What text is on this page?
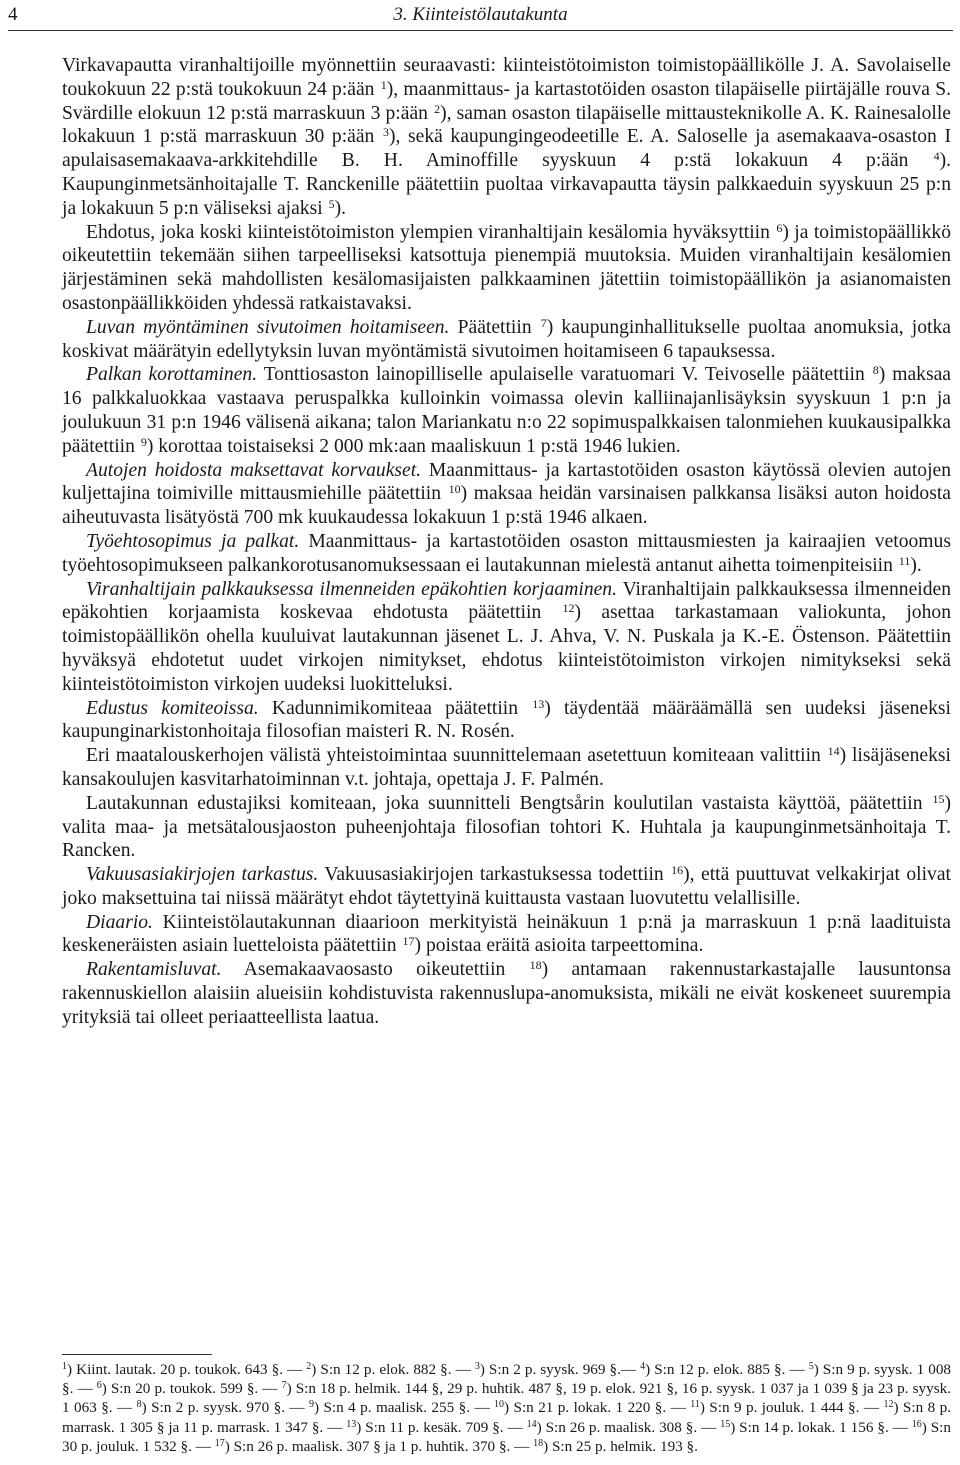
4	3. Kiinteistölautakunta

Virkavapautta viranhaltijoille myönnettiin seuraavasti: kiinteistötoimiston toimistopäällikölle J. A. Savolaiselle toukokuun 22 p:stä toukokuun 24 p:ään $^1$), maanmittaus- ja kartastotöiden osaston tilapäiselle piirtäjälle rouva S. Svärdille elokuun 12 p:stä marraskuun 3 p:ään $^2$), saman osaston tilapäiselle mittausteknikolle A. K. Rainesalolle lokakuun 1 p:stä marraskuun 30 p:ään $^3$), sekä kaupungingeodeetille E. A. Saloselle ja asemakaava-osaston I apulaisasemakaava-arkkitehdille B. H. Aminoffille syyskuun 4 p:stä lokakuun 4 p:ään $^4$). Kaupunginmetsänhoitajalle T. Ranckenille päätettiin puoltaa virkavapautta täysin palkkaeduin syyskuun 25 p:n ja lokakuun 5 p:n väliseksi ajaksi $^5$).

Ehdotus, joka koski kiinteistötoimiston ylempien viranhaltijain kesälomia hyväksyttiin $^6$) ja toimistopäällikkö oikeutettiin tekemään siihen tarpeelliseksi katsottuja pienempiä muutoksia. Muiden viranhaltijain kesälomien järjestäminen sekä mahdollisten kesälomasijaisten palkkaaminen jätettiin toimistopäällikön ja asianomaisten osastonpäällikköiden yhdessä ratkaistavaksi.

Luvan myöntäminen sivutoimen hoitamiseen. Päätettiin $^7$) kaupunginhallitukselle puoltaa anomuksia, jotka koskivat määrätyin edellytyksin luvan myöntämistä sivutoimen hoitamiseen 6 tapauksessa.

Palkan korottaminen. Tonttiosaston lainopilliselle apulaiselle varatuomari V. Teivoselle päätettiin $^8$) maksaa 16 palkkaluokkaa vastaava peruspalkka kulloinkin voimassa olevin kalliinajanlisäyksin syyskuun 1 p:n ja joulukuun 31 p:n 1946 välisenä aikana; talon Mariankatu n:o 22 sopimuspalkkaisen talonmiehen kuukausipalkka päätettiin $^9$) korottaa toistaiseksi 2 000 mk:aan maaliskuun 1 p:stä 1946 lukien.

Autojen hoidosta maksettavat korvaukset. Maanmittaus- ja kartastotöiden osaston käytössä olevien autojen kuljettajina toimiville mittausmiehille päätettiin $^{10}$) maksaa heidän varsinaisen palkkansa lisäksi auton hoidosta aiheutuvasta lisätyöstä 700 mk kuukaudessa lokakuun 1 p:stä 1946 alkaen.

Työehtosopimus ja palkat. Maanmittaus- ja kartastotöiden osaston mittausmiesten ja kairaajien vetoomus työehtosopimukseen palkankorotusanomuksessaan ei lautakunnan mielestä antanut aihetta toimenpiteisiin $^{11}$).

Viranhaltijain palkkauksessa ilmenneiden epäkohtien korjaaminen. Viranhaltijain palkkauksessa ilmenneiden epäkohtien korjaamista koskevaa ehdotusta päätettiin $^{12}$) asettaa tarkastamaan valiokunta, johon toimistopäällikön ohella kuuluivat lautakunnan jäsenet L. J. Ahva, V. N. Puskala ja K.-E. Östenson. Päätettiin hyväksyä ehdotetut uudet virkojen nimitykset, ehdotus kiinteistötoimiston virkojen nimitykseksi sekä kiinteistötoimiston virkojen uudeksi luokitteluksi.

Edustus komiteoissa. Kadunnimikomiteaa päätettiin $^{13}$) täydentää määräämällä sen uudeksi jäseneksi kaupunginarkistonhoitaja filosofian maisteri R. N. Rosén.

Eri maatalouskerhojen välistä yhteistoimintaa suunnittelemaan asetettuun komiteaan valittiin $^{14}$) lisäjäseneksi kansakoulujen kasvitarhatoiminnan v.t. johtaja, opettaja J. F. Palmén.

Lautakunnan edustajiksi komiteaan, joka suunnitteli Bengtsårin koulutilan vastaista käyttöä, päätettiin $^{15}$) valita maa- ja metsätalousjaoston puheenjohtaja filosofian tohtori K. Huhtala ja kaupunginmetsänhoitaja T. Rancken.

Vakuusasiakirjojen tarkastus. Vakuusasiakirjojen tarkastuksessa todettiin $^{16}$), että puuttuvat velkakirjat olivat joko maksettuina tai niissä määrätyt ehdot täytettyinä kuittausta vastaan luovutettu velallisille.

Diaario. Kiinteistölautakunnan diaarioon merkityistä heinäkuun 1 p:nä ja marraskuun 1 p:nä laadituista keskeneräisten asiain luetteloista päätettiin $^{17}$) poistaa eräitä asioita tarpeettomina.

Rakentamisluvat. Asemakaavaosasto oikeutettiin $^{18}$) antamaan rakennustarkastajalle lausuntonsa rakennuskiellon alaisiin alueisiin kohdistuvista rakennuslupa-anomuksista, mikäli ne eivät koskeneet suurempia yrityksiä tai olleet periaatteellista laatua.

$^1$) Kiint. lautak. 20 p. toukok. 643 §. — $^2$) S:n 12 p. elok. 882 §. — $^3$) S:n 2 p. syysk. 969 §.— $^4$) S:n 12 p. elok. 885 §. — $^5$) S:n 9 p. syysk. 1 008 §. — $^6$) S:n 20 p. toukok. 599 §. — $^7$) S:n 18 p. helmik. 144 §, 29 p. huhtik. 487 §, 19 p. elok. 921 §, 16 p. syysk. 1 037 ja 1 039 § ja 23 p. syysk. 1 063 §. — $^8$) S:n 2 p. syysk. 970 §. — $^9$) S:n 4 p. maalisk. 255 §. — $^{10}$) S:n 21 p. lokak. 1 220 §. — $^{11}$) S:n 9 p. jouluk. 1 444 §. — $^{12}$) S:n 8 p. marrask. 1 305 § ja 11 p. marrask. 1 347 §. — $^{13}$) S:n 11 p. kesäk. 709 §. — $^{14}$) S:n 26 p. maalisk. 308 §. — $^{15}$) S:n 14 p. lokak. 1 156 §. — $^{16}$) S:n 30 p. jouluk. 1 532 §. — $^{17}$) S:n 26 p. maalisk. 307 § ja 1 p. huhtik. 370 §. — $^{18}$) S:n 25 p. helmik. 193 §.
